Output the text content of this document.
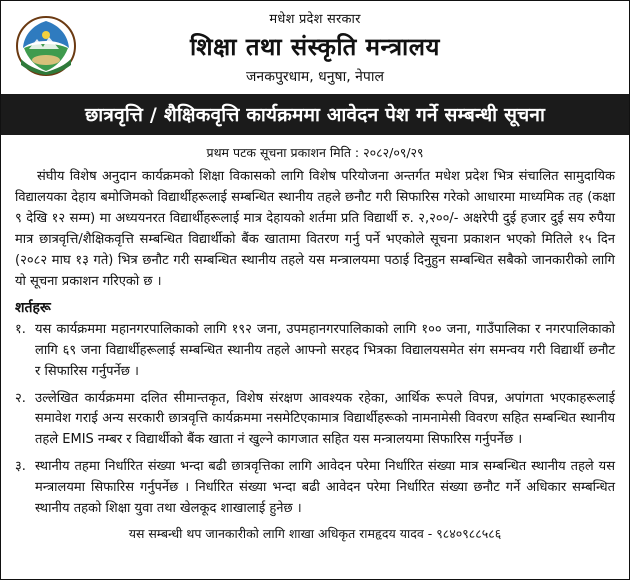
मधेश प्रदेश सरकार
शिक्षा तथा संस्कृति मन्त्रालय
जनकपुरधाम, धनुषा, नेपाल
छात्रवृत्ति / शैक्षिकवृत्ति कार्यक्रममा आवेदन पेश गर्ने सम्बन्धी सूचना
प्रथम पटक सूचना प्रकाशन मिति : २०८२/०९/२९

संघीय विशेष अनुदान कार्यक्रमको शिक्षा विकासको लागि विशेष परियोजना अन्तर्गत मधेश प्रदेश भित्र संचालित सामुदायिक विद्यालयका देहाय बमोजिमको विद्यार्थीहरूलाई सम्बन्धित स्थानीय तहले छनौट गरी सिफारिस गरेको आधारमा माध्यमिक तह (कक्षा ९ देखि १२ सम्म) मा अध्ययनरत विद्यार्थीहरूलाई मात्र देहायको शर्तमा प्रति विद्यार्थी रु. २,२००/- अक्षरेपी दुई हजार दुई सय रुपैया मात्र छात्रवृत्ति/शैक्षिकवृत्ति सम्बन्धित विद्यार्थीको बैंक खातामा वितरण गर्नु पर्ने भएकोले सूचना प्रकाशन भएको मितिले १५ दिन (२०८२ माघ १३ गते) भित्र छनौट गरी सम्बन्धित स्थानीय तहले यस मन्त्रालयमा पठाई दिनुहुन सम्बन्धित सबैको जानकारीको लागि यो सूचना प्रकाशन गरिएको छ ।

शर्तहरू
१. यस कार्यक्रममा महानगरपालिकाको लागि १९२ जना, उपमहानगरपालिकाको लागि १०० जना, गाउँपालिका र नगरपालिकाको लागि ६९ जना विद्यार्थीहरूलाई सम्बन्धित स्थानीय तहले आफ्नो सरहद भित्रका विद्यालयसमेत संग समन्वय गरी विद्यार्थी छनौट र सिफारिस गर्नुपर्नेछ ।
२. उल्लेखित कार्यक्रममा दलित सीमान्तकृत, विशेष संरक्षण आवश्यक रहेका, आर्थिक रूपले विपन्न, अपांगता भएकाहरूलाई समावेश गराई अन्य सरकारी छात्रवृत्ति कार्यक्रममा नसमेटिएकामात्र विद्यार्थीहरूको नामनामेसी विवरण सहित सम्बन्धित स्थानीय तहले EMIS नम्बर र विद्यार्थीको बैंक खाता नं खुल्ने कागजात सहित यस मन्त्रालयमा सिफारिस गर्नुपर्नेछ ।
३. स्थानीय तहमा निर्धारित संख्या भन्दा बढी छात्रवृत्तिका लागि आवेदन परेमा निर्धारित संख्या मात्र सम्बन्धित स्थानीय तहले यस मन्त्रालयमा सिफारिस गर्नुपर्नेछ । निर्धारित संख्या भन्दा बढी आवेदन परेमा निर्धारित संख्या छनौट गर्ने अधिकार सम्बन्धित स्थानीय तहको शिक्षा युवा तथा खेलकूद शाखालाई हुनेछ ।
यस सम्बन्धी थप जानकारीको लागि शाखा अधिकृत रामहृदय यादव - ९८४०९८८५८६
